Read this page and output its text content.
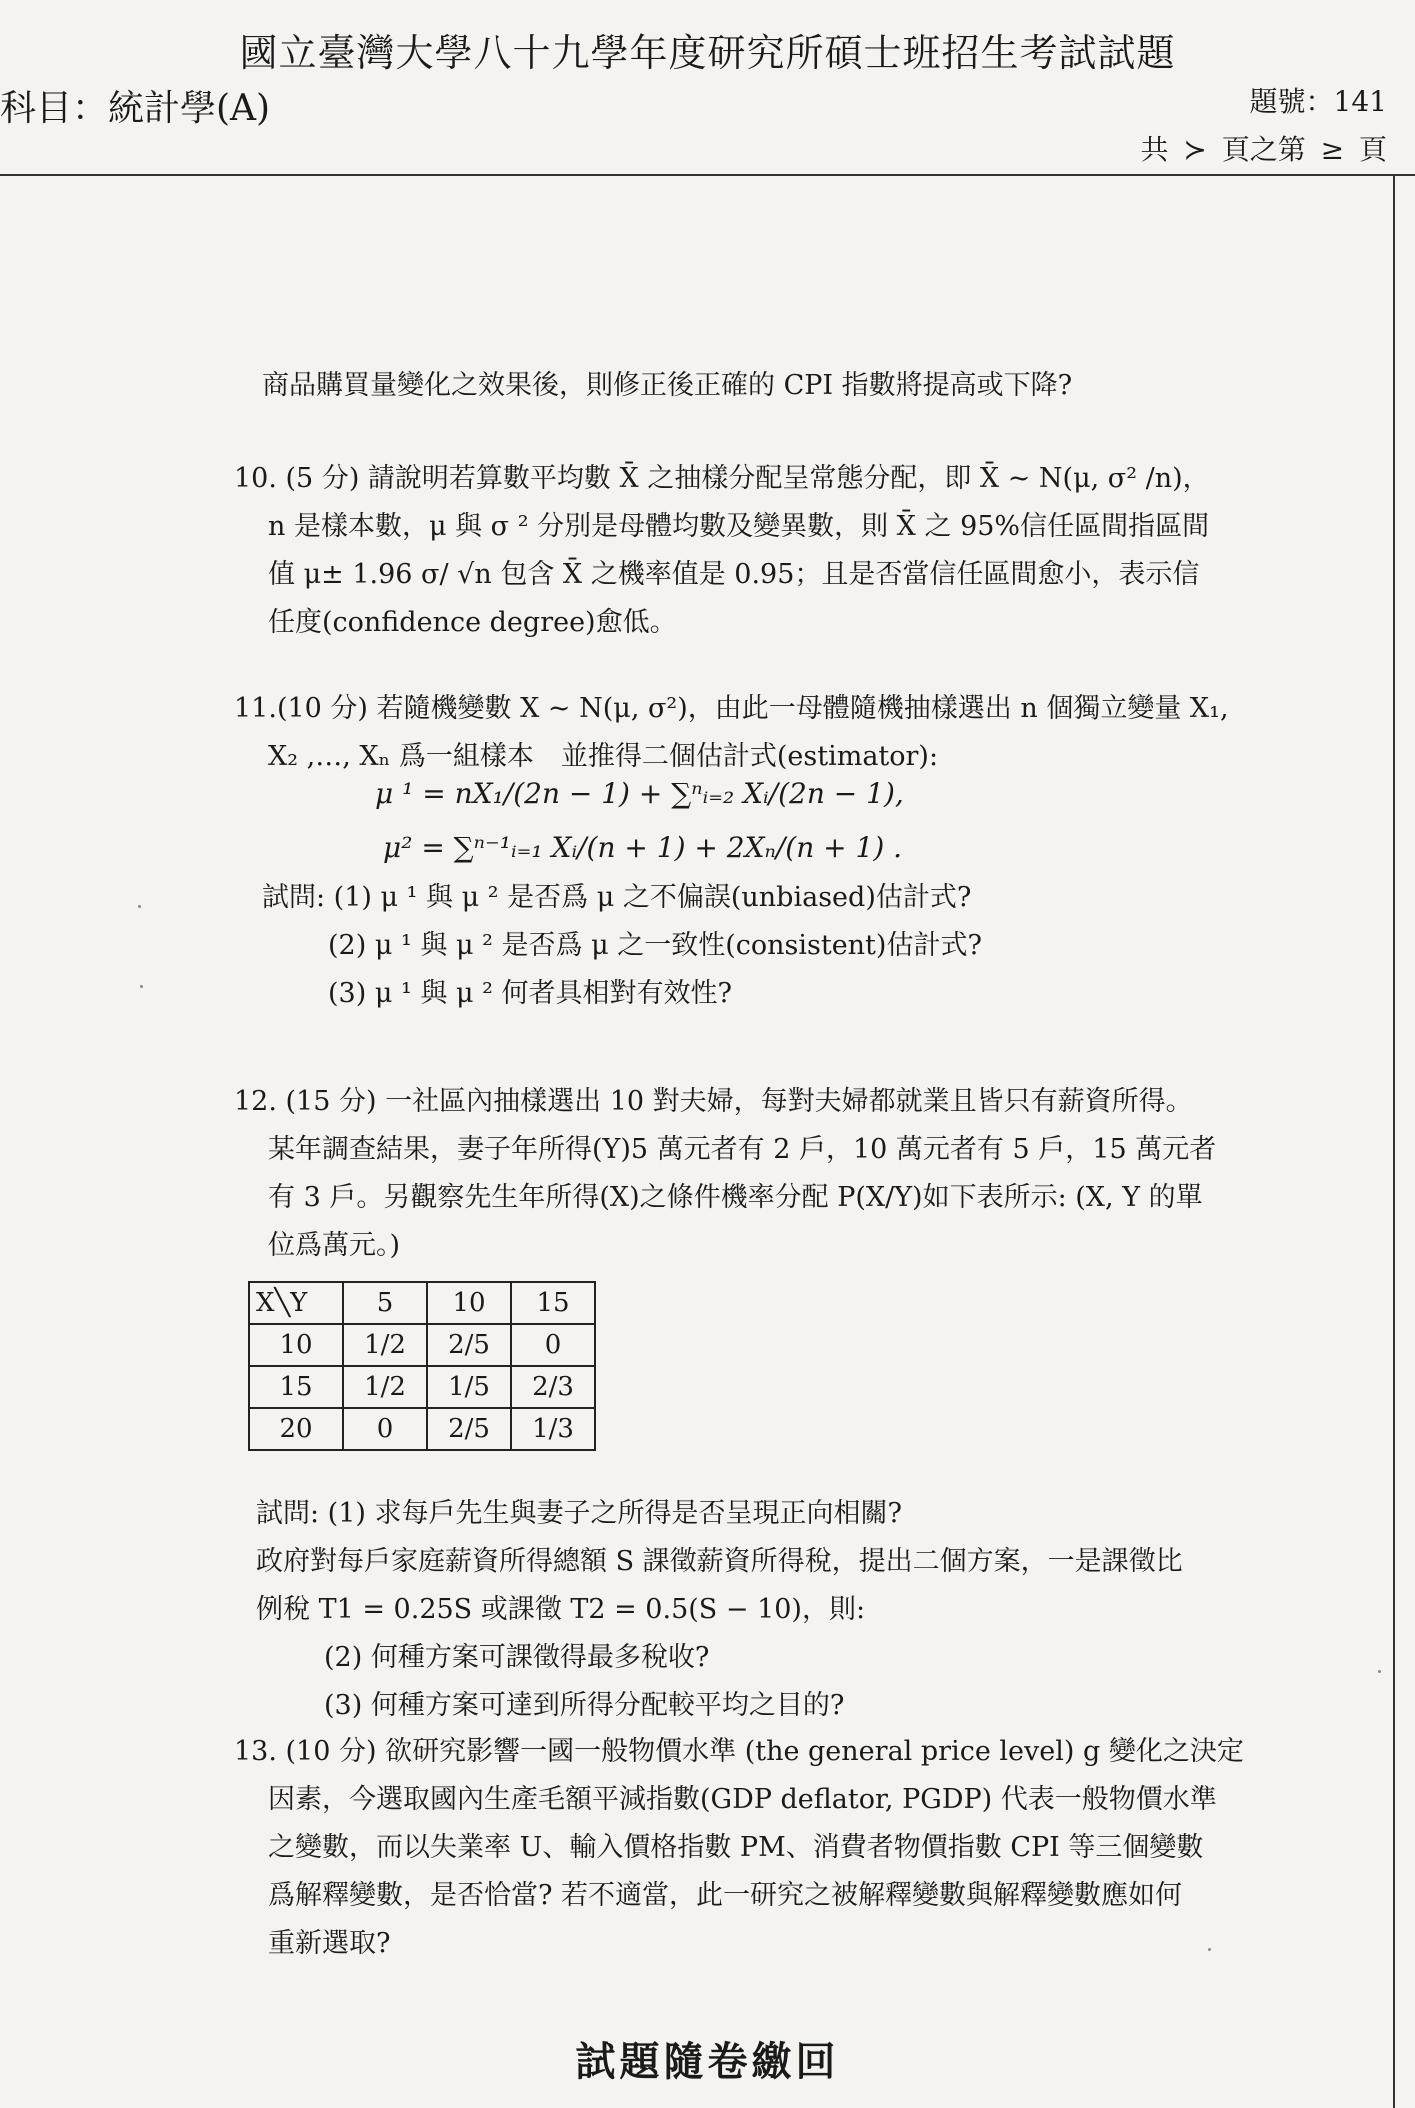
國立臺灣大學八十九學年度研究所碩士班招生考試試題
科目：統計學(A)	題號：141
共 ≻ 頁之第 ≥ 頁
商品購買量變化之效果後，則修正後正確的 CPI 指數將提高或下降?
10. (5 分) 請說明若算數平均數 X̄ 之抽樣分配呈常態分配，即 X̄ ~ N(μ, σ² /n)，
n 是樣本數，μ 與 σ ² 分別是母體均數及變異數，則 X̄ 之 95%信任區間指區間
值 μ± 1.96 σ/ √n 包含 X̄ 之機率值是 0.95；且是否當信任區間愈小，表示信
任度(confidence degree)愈低。
11.(10 分) 若隨機變數 X ~ N(μ, σ²)，由此一母體隨機抽樣選出 n 個獨立變量 X₁,
X₂ ,…, Xₙ 爲一組樣本　並推得二個估計式(estimator):
μ ¹ = nX₁/(2n − 1) + ∑ⁿᵢ₌₂ Xᵢ/(2n − 1),
μ² = ∑ⁿ⁻¹ᵢ₌₁ Xᵢ/(n + 1) + 2Xₙ/(n + 1) .
試問: (1) μ ¹ 與 μ ² 是否爲 μ 之不偏誤(unbiased)估計式?
(2) μ ¹ 與 μ ² 是否爲 μ 之一致性(consistent)估計式?
(3) μ ¹ 與 μ ² 何者具相對有效性?
12. (15 分) 一社區內抽樣選出 10 對夫婦，每對夫婦都就業且皆只有薪資所得。
某年調查結果，妻子年所得(Y)5 萬元者有 2 戶，10 萬元者有 5 戶，15 萬元者
有 3 戶。另觀察先生年所得(X)之條件機率分配 P(X/Y)如下表所示: (X, Y 的單
位爲萬元。)
X╲Y	5	10	15
10	1/2	2/5	0
15	1/2	1/5	2/3
20	0	2/5	1/3
試問: (1) 求每戶先生與妻子之所得是否呈現正向相關?
政府對每戶家庭薪資所得總額 S 課徵薪資所得稅，提出二個方案，一是課徵比
例稅 T1 = 0.25S 或課徵 T2 = 0.5(S − 10)，則:
(2) 何種方案可課徵得最多稅收?
(3) 何種方案可達到所得分配較平均之目的?
13. (10 分) 欲研究影響一國一般物價水準 (the general price level) g 變化之決定
因素，今選取國內生產毛額平減指數(GDP deflator, PGDP) 代表一般物價水準
之變數，而以失業率 U、輸入價格指數 PM、消費者物價指數 CPI 等三個變數
爲解釋變數，是否恰當? 若不適當，此一研究之被解釋變數與解釋變數應如何
重新選取?
試題隨卷繳回
